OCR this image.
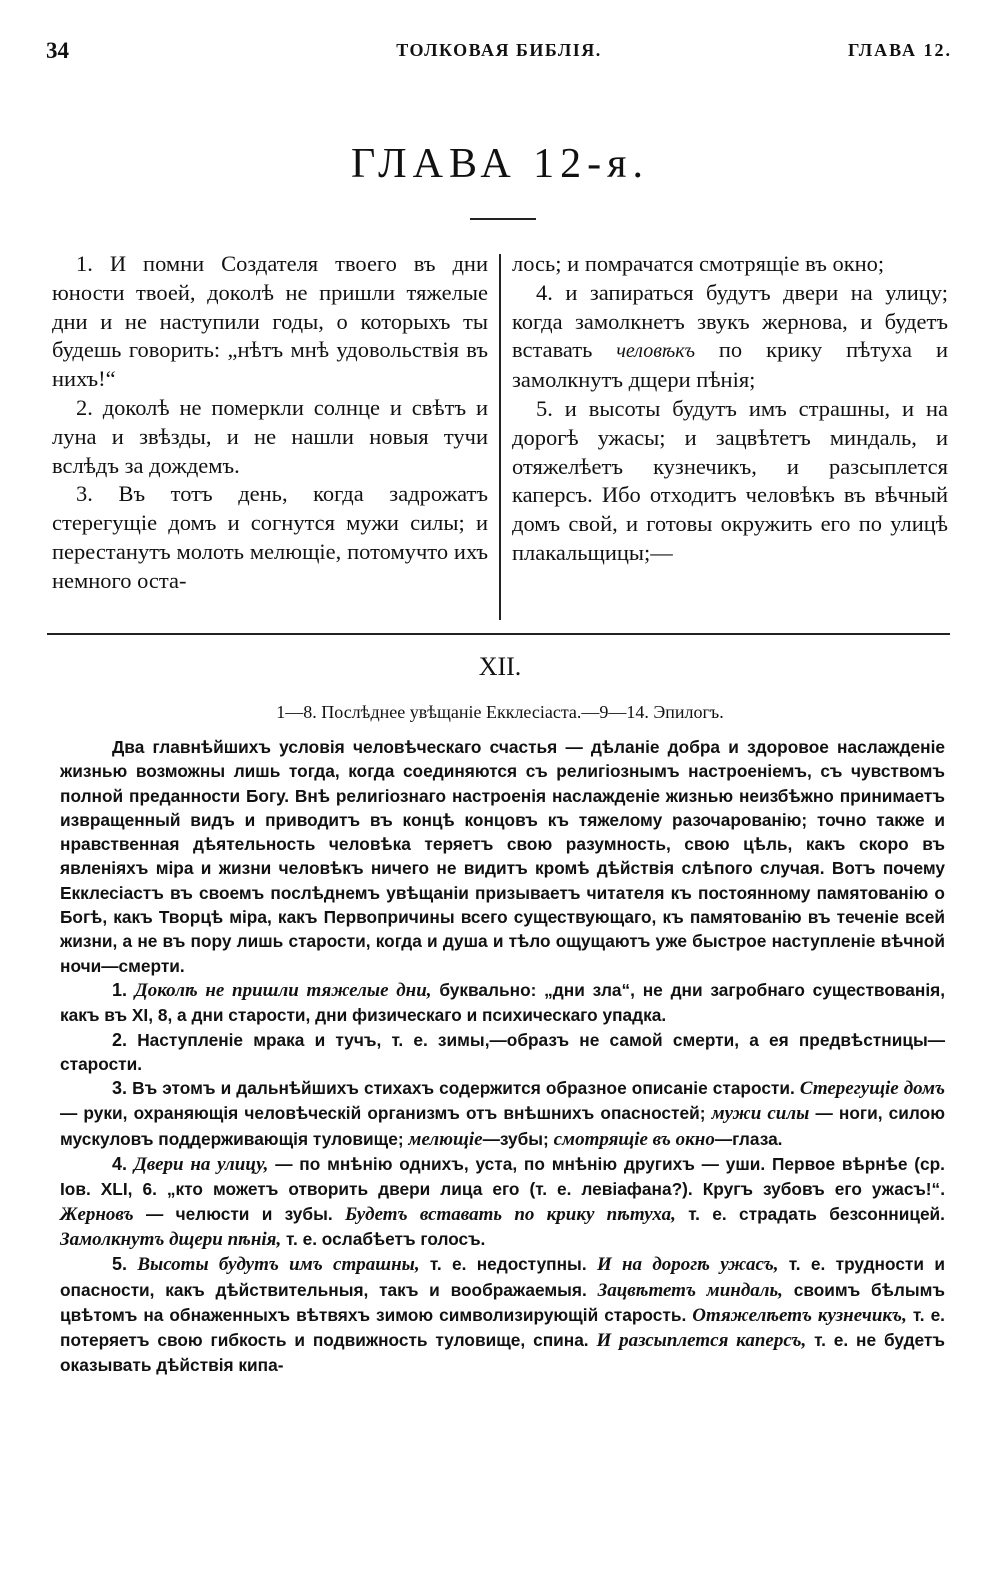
34	ТОЛКОВАЯ БИБЛІЯ.	ГЛАВА 12.
ГЛАВА 12-я.

1. И помни Создателя твоего въ дни юности твоей, доколѣ не пришли тяжелые дни и не наступили годы, о которыхъ ты будешь говорить: „нѣтъ мнѣ удовольствія въ нихъ!“

2. доколѣ не померкли солнце и свѣтъ и луна и звѣзды, и не нашли новыя тучи вслѣдъ за дождемъ.

3. Въ тотъ день, когда задрожатъ стерегущіе домъ и согнутся мужи силы; и перестанутъ молоть мелющіе, потомучто ихъ немного оста-

лось; и помрачатся смотрящіе въ окно;

4. и запираться будутъ двери на улицу; когда замолкнетъ звукъ жернова, и будетъ вставать человѣкъ по крику пѣтуха и замолкнутъ дщери пѣнія;

5. и высоты будутъ имъ страшны, и на дорогѣ ужасы; и зацвѣтетъ миндаль, и отяжелѣетъ кузнечикъ, и разсыплется каперсъ. Ибо отходитъ человѣкъ въ вѣчный домъ свой, и готовы окружить его по улицѣ плакальщицы;—

XII.
1—8. Послѣднее увѣщаніе Екклесіаста.—9—14. Эпилогъ.

Два главнѣйшихъ условія человѣческаго счастья — дѣланіе добра и здоровое наслажденіе жизнью возможны лишь тогда, когда соединяются съ религіознымъ настроеніемъ, съ чувствомъ полной преданности Богу. Внѣ религіознаго настроенія наслажденіе жизнью неизбѣжно принимаетъ извращенный видъ и приводитъ въ концѣ концовъ къ тяжелому разочарованію; точно также и нравственная дѣятельность человѣка теряетъ свою разумность, свою цѣль, какъ скоро въ явленіяхъ міра и жизни человѣкъ ничего не видитъ кромѣ дѣйствія слѣпого случая. Вотъ почему Екклесіастъ въ своемъ послѣднемъ увѣщаніи призываетъ читателя къ постоянному памятованію о Богѣ, какъ Творцѣ міра, какъ Первопричины всего существующаго, къ памятованію въ теченіе всей жизни, а не въ пору лишь старости, когда и душа и тѣло ощущаютъ уже быстрое наступленіе вѣчной ночи—смерти.

1. Доколѣ не пришли тяжелые дни, буквально: „дни зла“, не дни загробнаго существованія, какъ въ XI, 8, а дни старости, дни физическаго и психическаго упадка.

2. Наступленіе мрака и тучъ, т. е. зимы,—образъ не самой смерти, а ея предвѣстницы—старости.

3. Въ этомъ и дальнѣйшихъ стихахъ содержится образное описаніе старости. Стерегущіе домъ — руки, охраняющія человѣческій организмъ отъ внѣшнихъ опасностей; мужи силы — ноги, силою мускуловъ поддерживающія туловище; мелющіе—зубы; смотрящіе въ окно—глаза.

4. Двери на улицу, — по мнѣнію однихъ, уста, по мнѣнію другихъ — уши. Первое вѣрнѣе (ср. Іов. XLI, 6. „кто можетъ отворить двери лица его (т. е. левіафана?). Кругъ зубовъ его ужасъ!“. Жерновъ — челюсти и зубы. Будетъ вставать по крику пѣтуха, т. е. страдать безсонницей. Замолкнутъ дщери пѣнія, т. е. ослабѣетъ голосъ.

5. Высоты будутъ имъ страшны, т. е. недоступны. И на дорогѣ ужасъ, т. е. трудности и опасности, какъ дѣйствительныя, такъ и воображаемыя. Зацвѣтетъ миндаль, своимъ бѣлымъ цвѣтомъ на обнаженныхъ вѣтвяхъ зимою символизирующій старость. Отяжелѣетъ кузнечикъ, т. е. потеряетъ свою гибкость и подвижность туловище, спина. И разсыплется каперсъ, т. е. не будетъ оказывать дѣйствія кипа-
